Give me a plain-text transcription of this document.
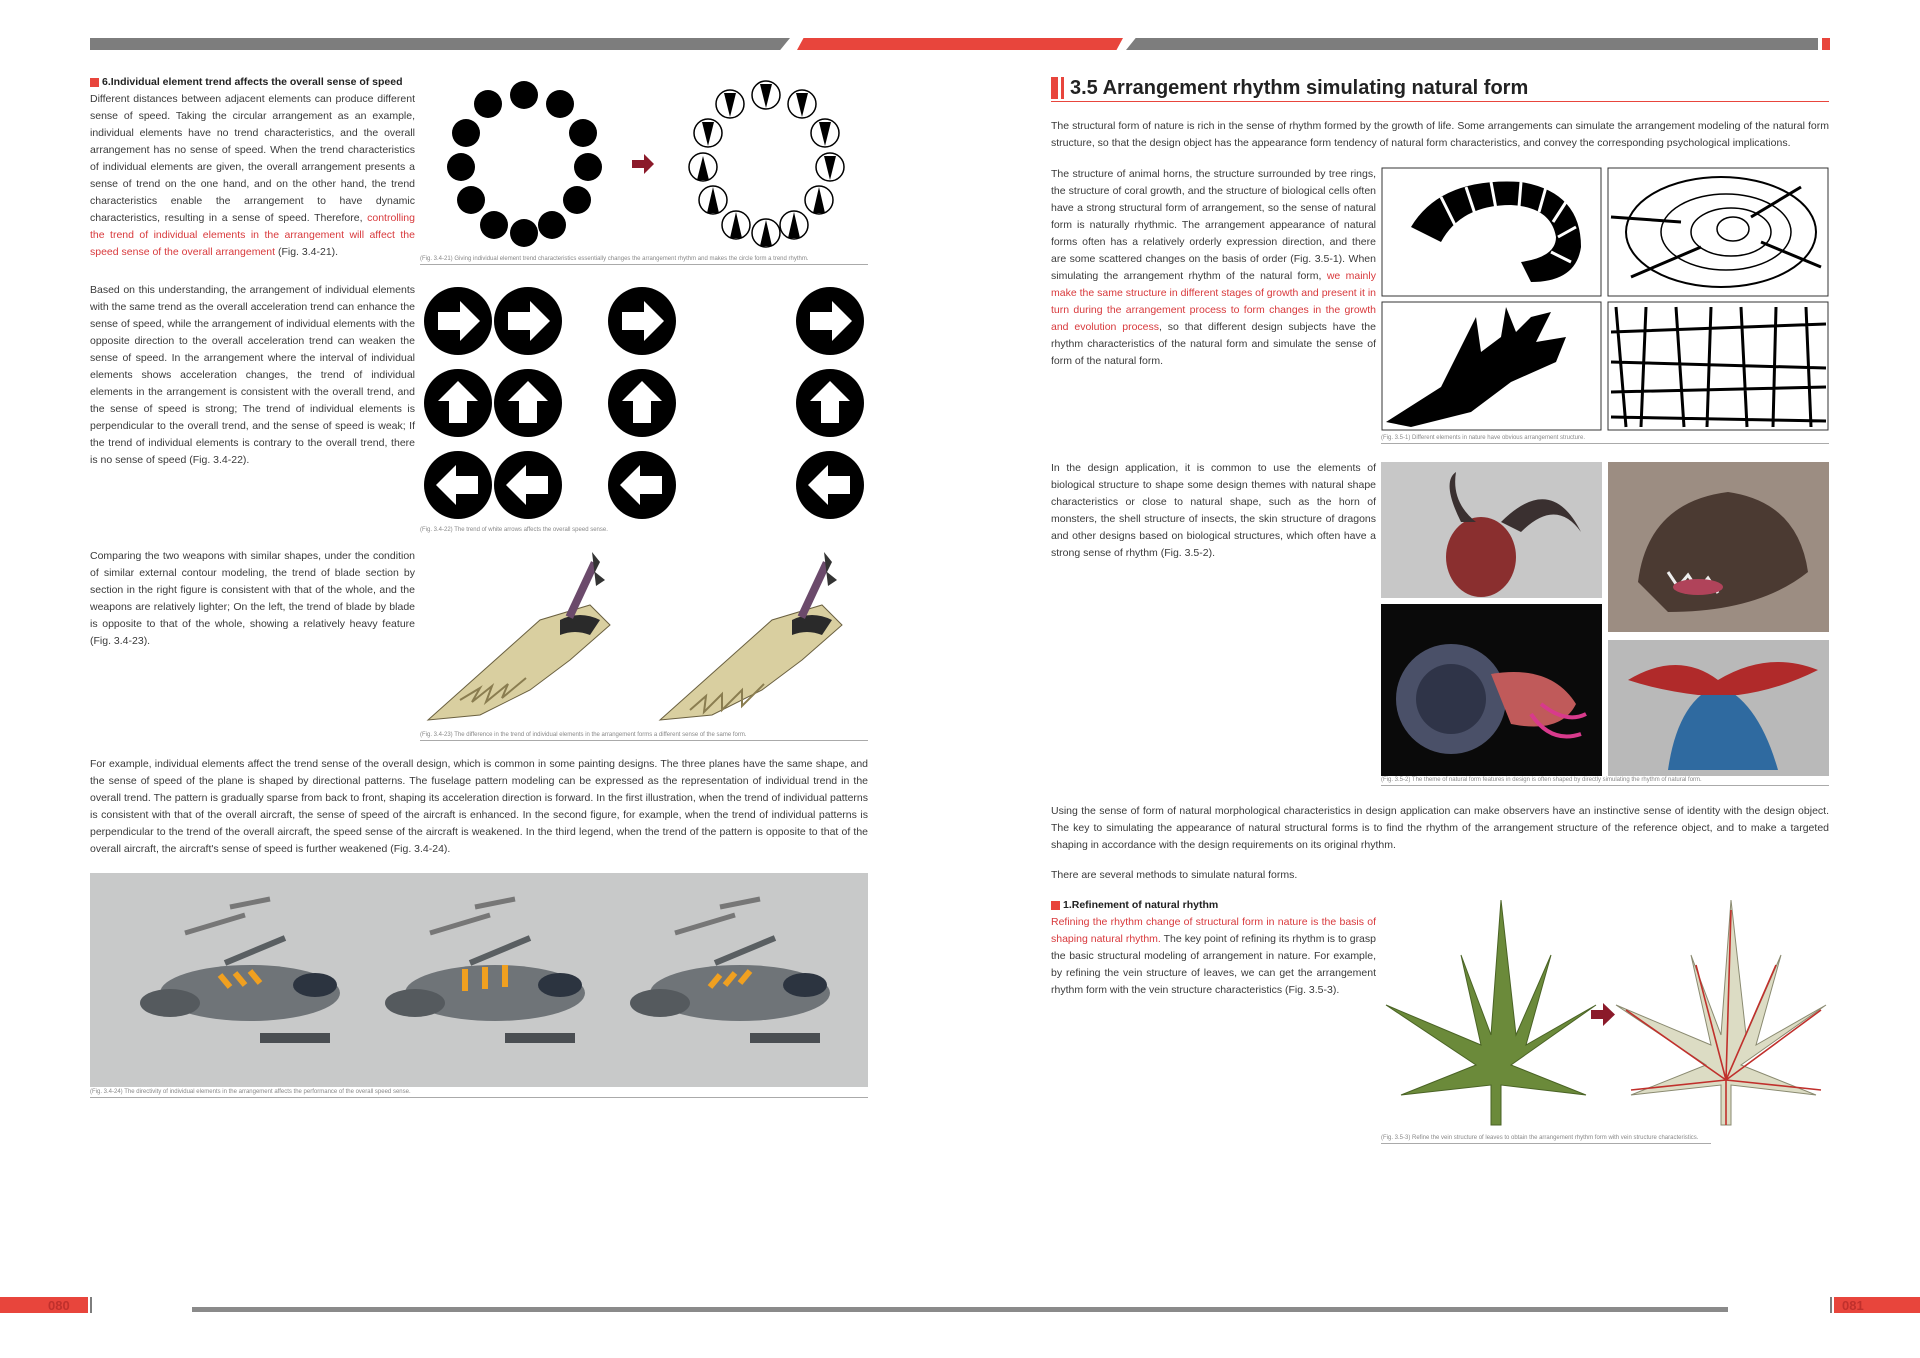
6.Individual element trend affects the overall sense of speed
Different distances between adjacent elements can produce different sense of speed. Taking the circular arrangement as an example, individual elements have no trend characteristics, and the overall arrangement has no sense of speed. When the trend characteristics of individual elements are given, the overall arrangement presents a sense of trend on the one hand, and on the other hand, the trend characteristics enable the arrangement to have dynamic characteristics, resulting in a sense of speed. Therefore, controlling the trend of individual elements in the arrangement will affect the speed sense of the overall arrangement (Fig. 3.4-21).
(Fig. 3.4-21) Giving individual element trend characteristics essentially changes the arrangement rhythm and makes the circle form a trend rhythm.
Based on this understanding, the arrangement of individual elements with the same trend as the overall acceleration trend can enhance the sense of speed, while the arrangement of individual elements with the opposite direction to the overall acceleration trend can weaken the sense of speed. In the arrangement where the interval of individual elements shows acceleration changes, the trend of individual elements in the arrangement is consistent with the overall trend, and the sense of speed is strong; The trend of individual elements is perpendicular to the overall trend, and the sense of speed is weak; If the trend of individual elements is contrary to the overall trend, there is no sense of speed (Fig. 3.4-22).
(Fig. 3.4-22) The trend of white arrows affects the overall speed sense.
Comparing the two weapons with similar shapes, under the condition of similar external contour modeling, the trend of blade section by section in the right figure is consistent with that of the whole, and the weapons are relatively lighter; On the left, the trend of blade by blade is opposite to that of the whole, showing a relatively heavy feature (Fig. 3.4-23).
(Fig. 3.4-23) The difference in the trend of individual elements in the arrangement forms a different sense of the same form.
For example, individual elements affect the trend sense of the overall design, which is common in some painting designs. The three planes have the same shape, and the sense of speed of the plane is shaped by directional patterns. The fuselage pattern modeling can be expressed as the representation of individual trend in the overall trend. The pattern is gradually sparse from back to front, shaping its acceleration direction is forward. In the first illustration, when the trend of individual patterns is consistent with that of the overall aircraft, the sense of speed of the aircraft is enhanced. In the second figure, for example, when the trend of individual patterns is perpendicular to the trend of the overall aircraft, the speed sense of the aircraft is weakened. In the third legend, when the trend of the pattern is opposite to that of the overall aircraft, the aircraft's sense of speed is further weakened (Fig. 3.4-24).
(Fig. 3.4-24) The directivity of individual elements in the arrangement affects the performance of the overall speed sense.
3.5 Arrangement rhythm simulating natural form
The structural form of nature is rich in the sense of rhythm formed by the growth of life. Some arrangements can simulate the arrangement modeling of the natural form structure, so that the design object has the appearance form tendency of natural form characteristics, and convey the corresponding psychological implications.
The structure of animal horns, the structure surrounded by tree rings, the structure of coral growth, and the structure of biological cells often have a strong structural form of arrangement, so the sense of natural form is naturally rhythmic. The arrangement appearance of natural forms often has a relatively orderly expression direction, and there are some scattered changes on the basis of order (Fig. 3.5-1). When simulating the arrangement rhythm of the natural form, we mainly make the same structure in different stages of growth and present it in turn during the arrangement process to form changes in the growth and evolution process, so that different design subjects have the rhythm characteristics of the natural form and simulate the sense of form of the natural form.
(Fig. 3.5-1) Different elements in nature have obvious arrangement structure.
In the design application, it is common to use the elements of biological structure to shape some design themes with natural shape characteristics or close to natural shape, such as the horn of monsters, the shell structure of insects, the skin structure of dragons and other designs based on biological structures, which often have a strong sense of rhythm (Fig. 3.5-2).
(Fig. 3.5-2) The theme of natural form features in design is often shaped by directly simulating the rhythm of natural form.
Using the sense of form of natural morphological characteristics in design application can make observers have an instinctive sense of identity with the design object. The key to simulating the appearance of natural structural forms is to find the rhythm of the arrangement structure of the reference object, and to make a targeted shaping in accordance with the design requirements on its original rhythm.
There are several methods to simulate natural forms.
1.Refinement of natural rhythm
Refining the rhythm change of structural form in nature is the basis of shaping natural rhythm. The key point of refining its rhythm is to grasp the basic structural modeling of arrangement in nature. For example, by refining the vein structure of leaves, we can get the arrangement rhythm form with the vein structure characteristics (Fig. 3.5-3).
(Fig. 3.5-3) Refine the vein structure of leaves to obtain the arrangement rhythm form with vein structure characteristics.
080	081
